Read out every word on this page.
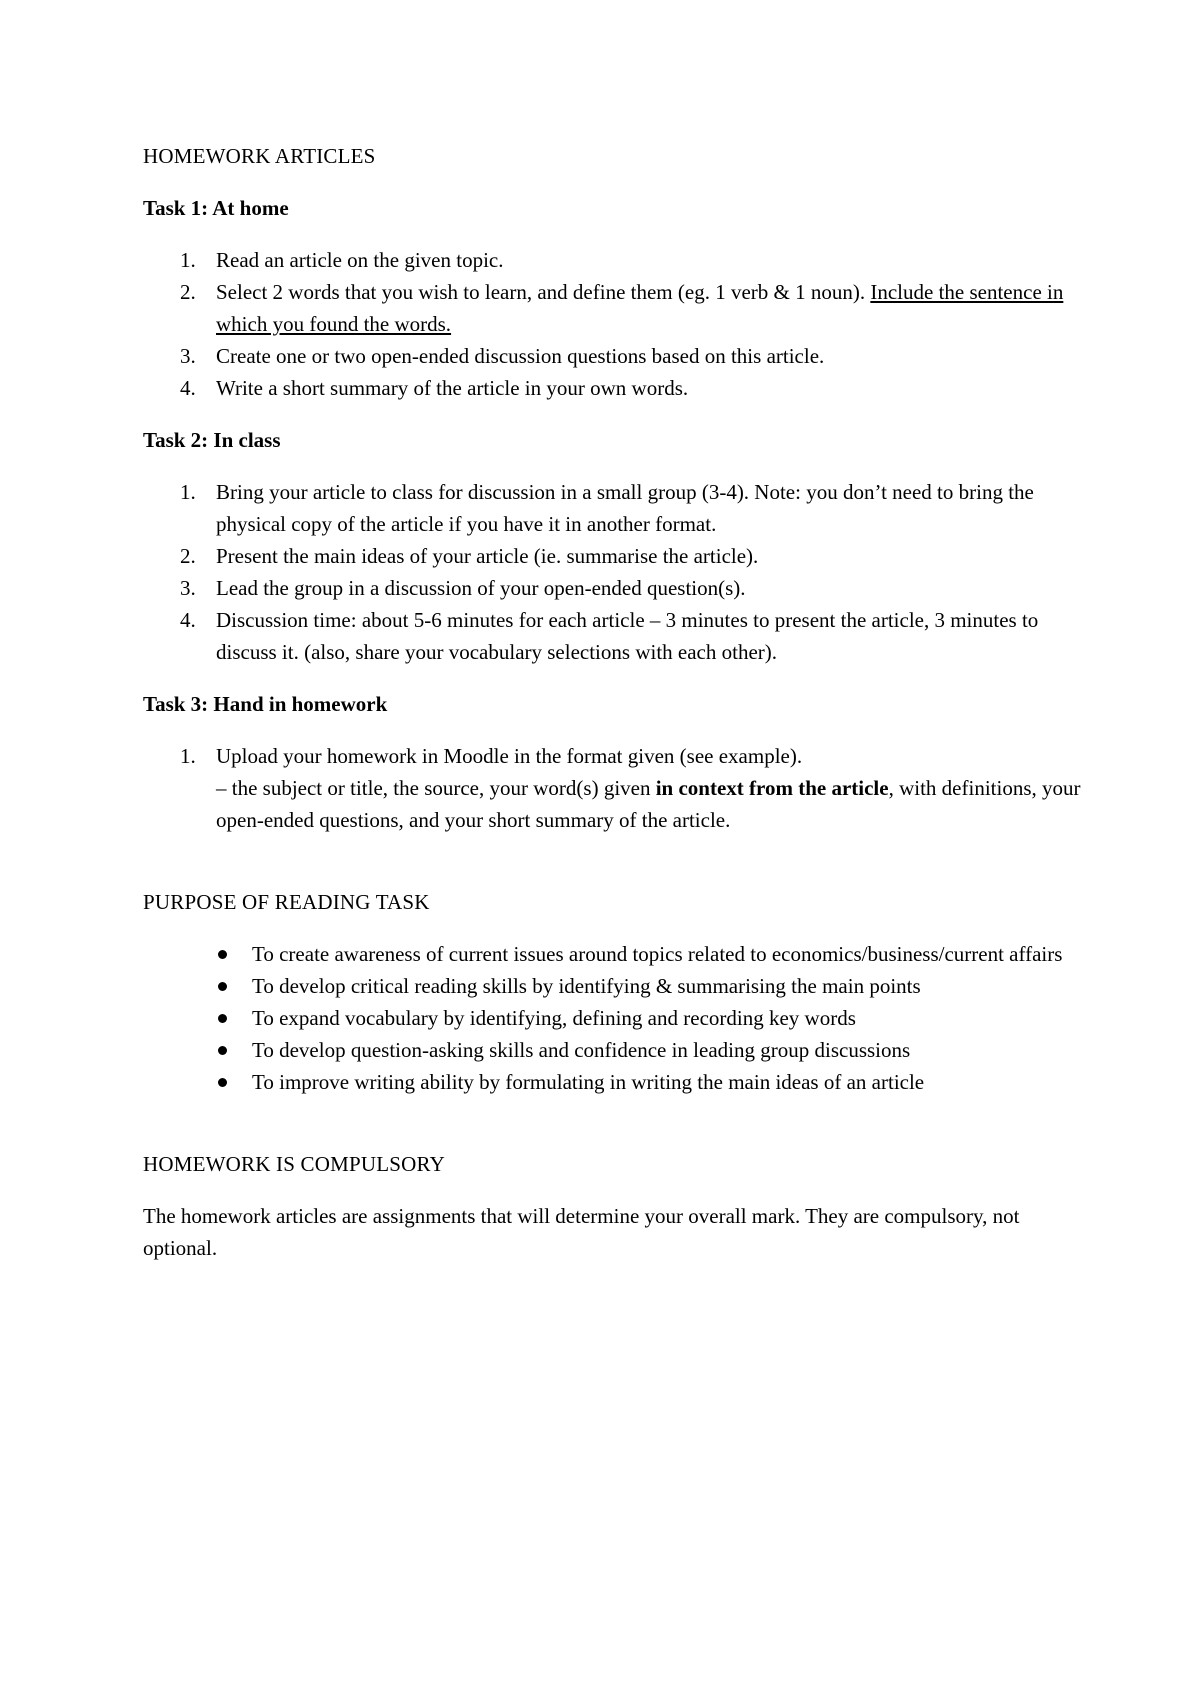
HOMEWORK ARTICLES
Task 1: At home
1. Read an article on the given topic.
2. Select 2 words that you wish to learn, and define them (eg. 1 verb & 1 noun). Include the sentence in which you found the words.
3. Create one or two open-ended discussion questions based on this article.
4. Write a short summary of the article in your own words.
Task 2: In class
1. Bring your article to class for discussion in a small group (3-4). Note: you don’t need to bring the physical copy of the article if you have it in another format.
2. Present the main ideas of your article (ie. summarise the article).
3. Lead the group in a discussion of your open-ended question(s).
4. Discussion time: about 5-6 minutes for each article – 3 minutes to present the article, 3 minutes to discuss it. (also, share your vocabulary selections with each other).
Task 3: Hand in homework
1. Upload your homework in Moodle in the format given (see example).
– the subject or title, the source, your word(s) given in context from the article, with definitions, your open-ended questions, and your short summary of the article.
PURPOSE OF READING TASK
To create awareness of current issues around topics related to economics/business/current affairs
To develop critical reading skills by identifying & summarising the main points
To expand vocabulary by identifying, defining and recording key words
To develop question-asking skills and confidence in leading group discussions
To improve writing ability by formulating in writing the main ideas of an article
HOMEWORK IS COMPULSORY

The homework articles are assignments that will determine your overall mark. They are compulsory, not optional.
